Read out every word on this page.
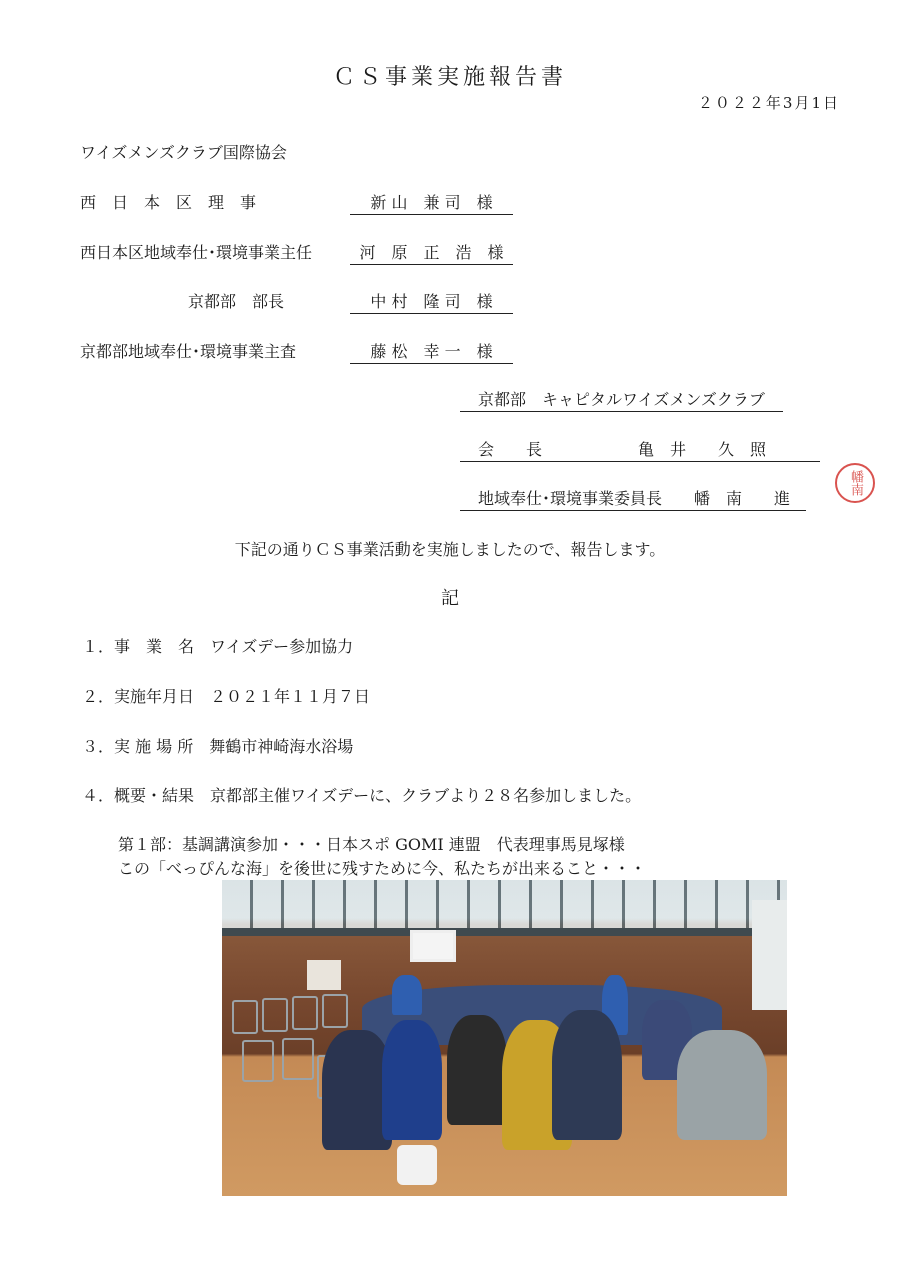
ＣＳ事業実施報告書
２０２２年3月1日
ワイズメンズクラブ国際協会
西　日　本　区　理　事	新 山　兼 司　様
西日本区地域奉仕･環境事業主任	河　原　正　浩　様
京都部　部長	中 村　隆 司　様
京都部地域奉仕･環境事業主査	藤 松　幸 一　様
京都部　キャピタルワイズメンズクラブ
会　　長　　　　　　亀　井　　久　照
地域奉仕･環境事業委員長　　幡　南　　進
幡南
下記の通りＣＳ事業活動を実施しましたので、報告します。
記
１．事　業　名　 ワイズデー参加協力
２．実施年月日　 ２０２１年１１月７日
３．実 施 場 所　 舞鶴市神崎海水浴場
４．概要・結果　 京都部主催ワイズデーに、クラブより２８名参加しました。
第１部：基調講演参加・・・日本スポ GOMI 連盟　代表理事馬見塚様
この「べっぴんな海」を後世に残すために今、私たちが出来ること・・・
